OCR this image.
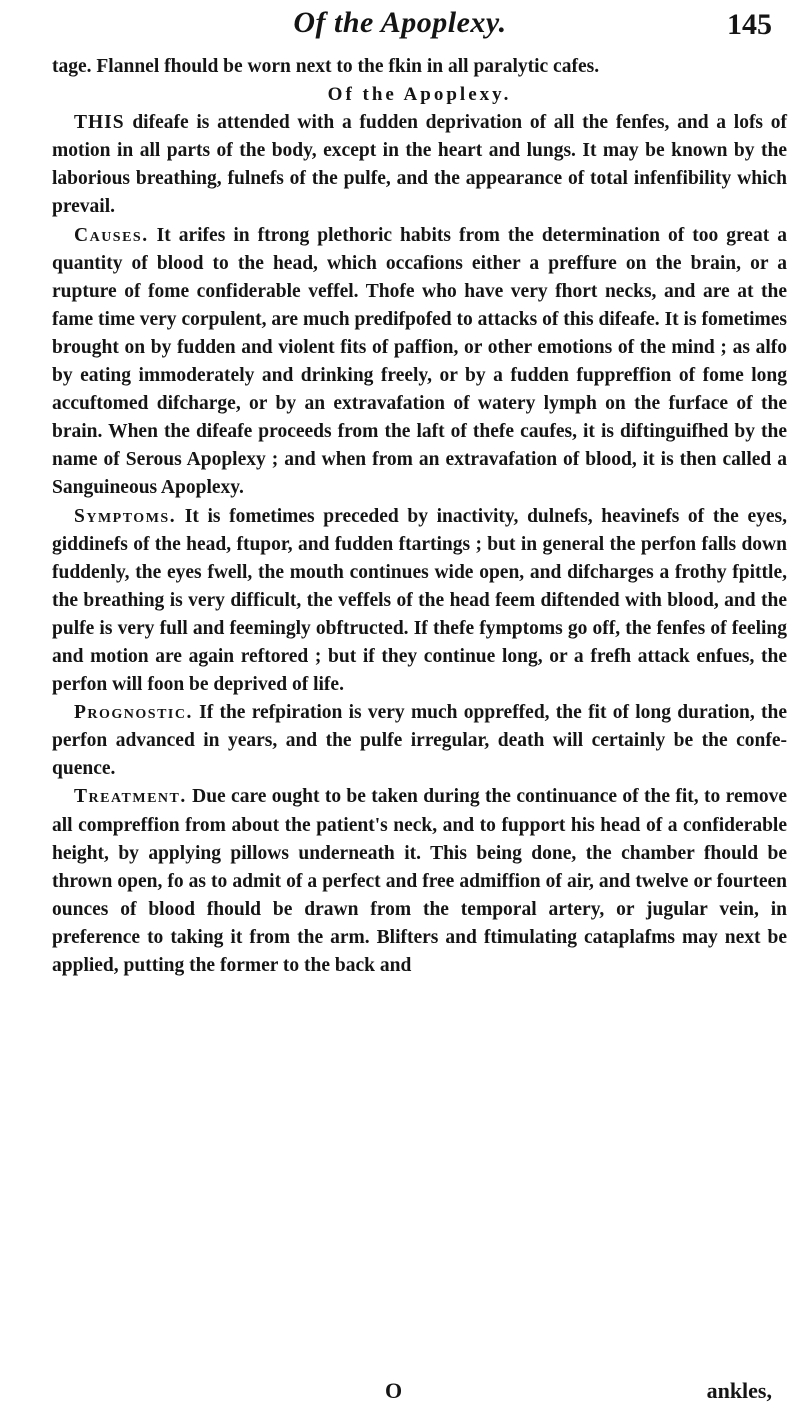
Of the Apoplexy.	145

tage. Flannel fhould be worn next to the fkin in all paralytic cafes.

Of the Apoplexy.

THIS difeafe is attended with a fudden deprivation of all the fenfes, and a lofs of motion in all parts of the body, except in the heart and lungs. It may be known by the laborious breathing, fulnefs of the pulfe, and the appearance of total infenfibility which prevail.

Causes. It arifes in ftrong plethoric habits from the determination of too great a quantity of blood to the head, which occafions either a preffure on the brain, or a rupture of fome confiderable veffel. Thofe who have very fhort necks, and are at the fame time very corpulent, are much predifpofed to attacks of this difeafe. It is fometimes brought on by fudden and violent fits of paffion, or other emotions of the mind ; as alfo by eating immoderately and drinking freely, or by a fudden fuppreffion of fome long accuftomed difcharge, or by an extravafation of watery lymph on the furface of the brain. When the difeafe proceeds from the laft of thefe caufes, it is diftinguifhed by the name of Serous Apoplexy ; and when from an extravafation of blood, it is then called a Sanguineous Apoplexy.

Symptoms. It is fometimes preceded by inactivity, dulnefs, heavinefs of the eyes, giddinefs of the head, ftupor, and fudden ftartings ; but in general the perfon falls down fuddenly, the eyes fwell, the mouth continues wide open, and difcharges a frothy fpittle, the breathing is very difficult, the veffels of the head feem diftended with blood, and the pulfe is very full and feemingly obftructed. If thefe fymptoms go off, the fenfes of feeling and motion are again reftored ; but if they continue long, or a frefh attack enfues, the perfon will foon be deprived of life.

Prognostic. If the refpiration is very much oppreffed, the fit of long duration, the perfon advanced in years, and the pulfe irregular, death will certainly be the confequence.

Treatment. Due care ought to be taken during the continuance of the fit, to remove all compreffion from about the patient's neck, and to fupport his head of a confiderable height, by applying pillows underneath it. This being done, the chamber fhould be thrown open, fo as to admit of a perfect and free admiffion of air, and twelve or fourteen ounces of blood fhould be drawn from the temporal artery, or jugular vein, in preference to taking it from the arm. Blifters and ftimulating cataplafms may next be applied, putting the former to the back and

O	ankles,
